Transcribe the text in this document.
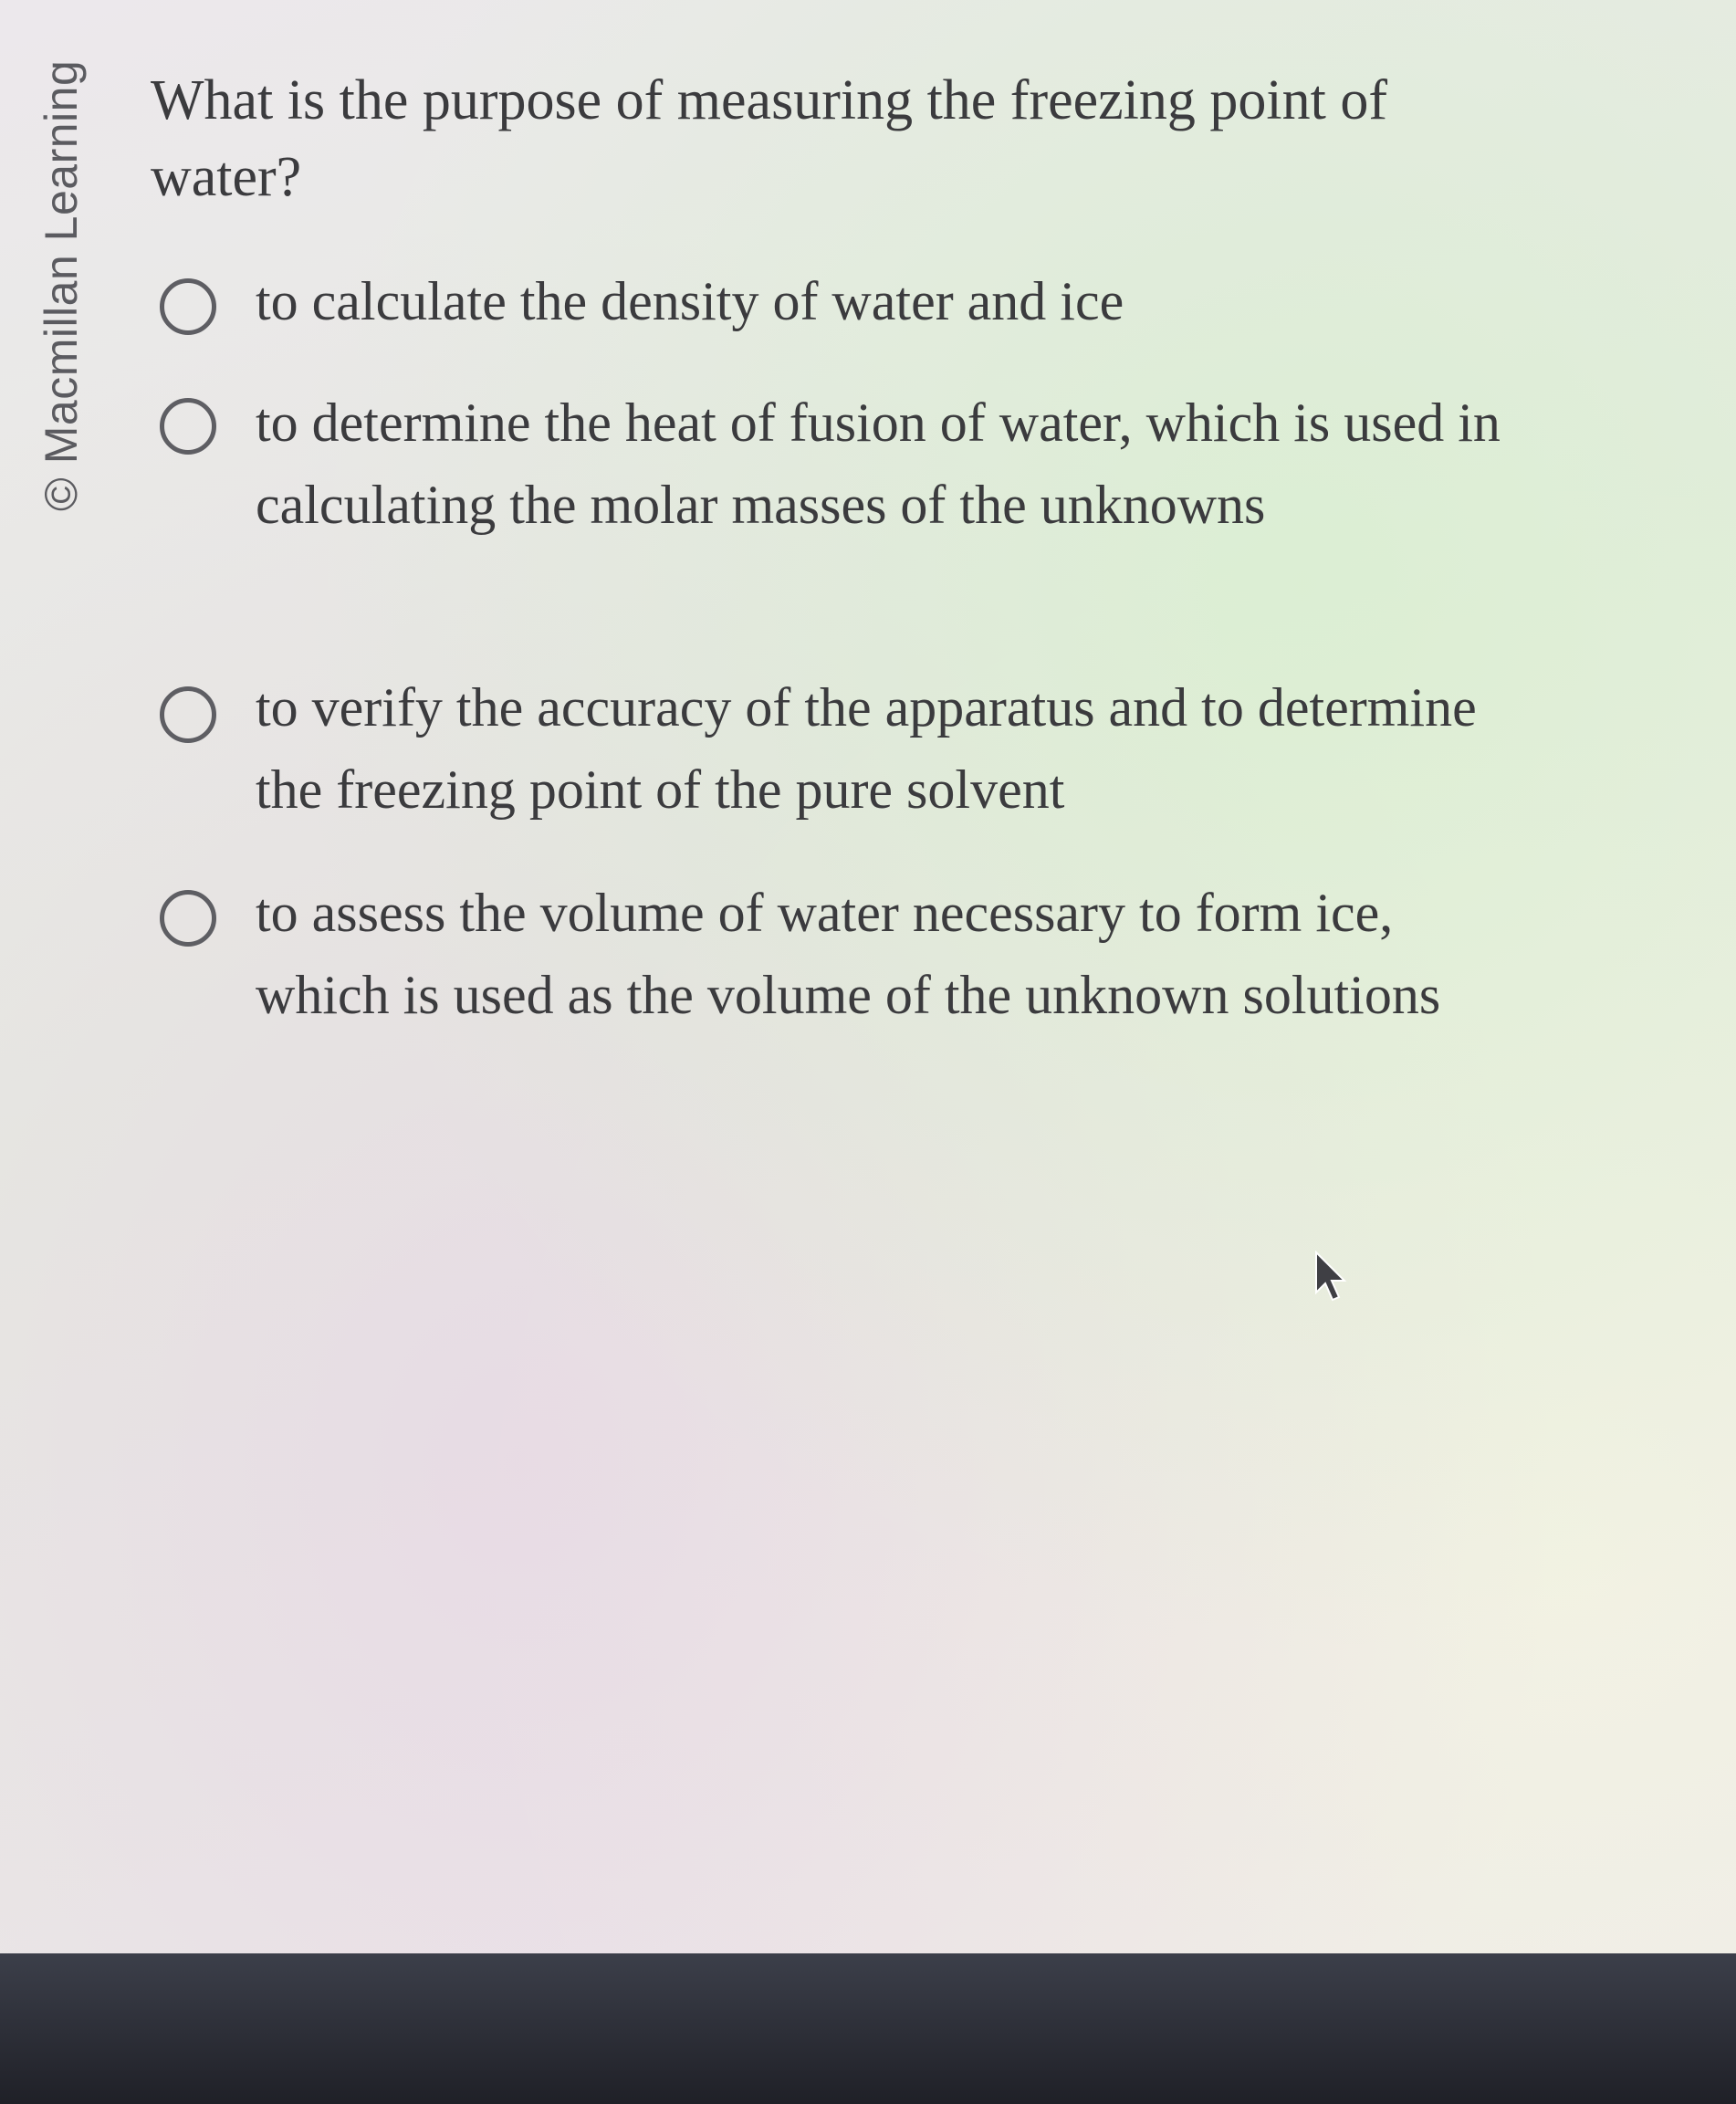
© Macmillan Learning What is the purpose of measuring the freezing point of water?
to calculate the density of water and ice
to determine the heat of fusion of water, which is used in calculating the molar masses of the unknowns
to verify the accuracy of the apparatus and to determine the freezing point of the pure solvent
to assess the volume of water necessary to form ice, which is used as the volume of the unknown solutions
